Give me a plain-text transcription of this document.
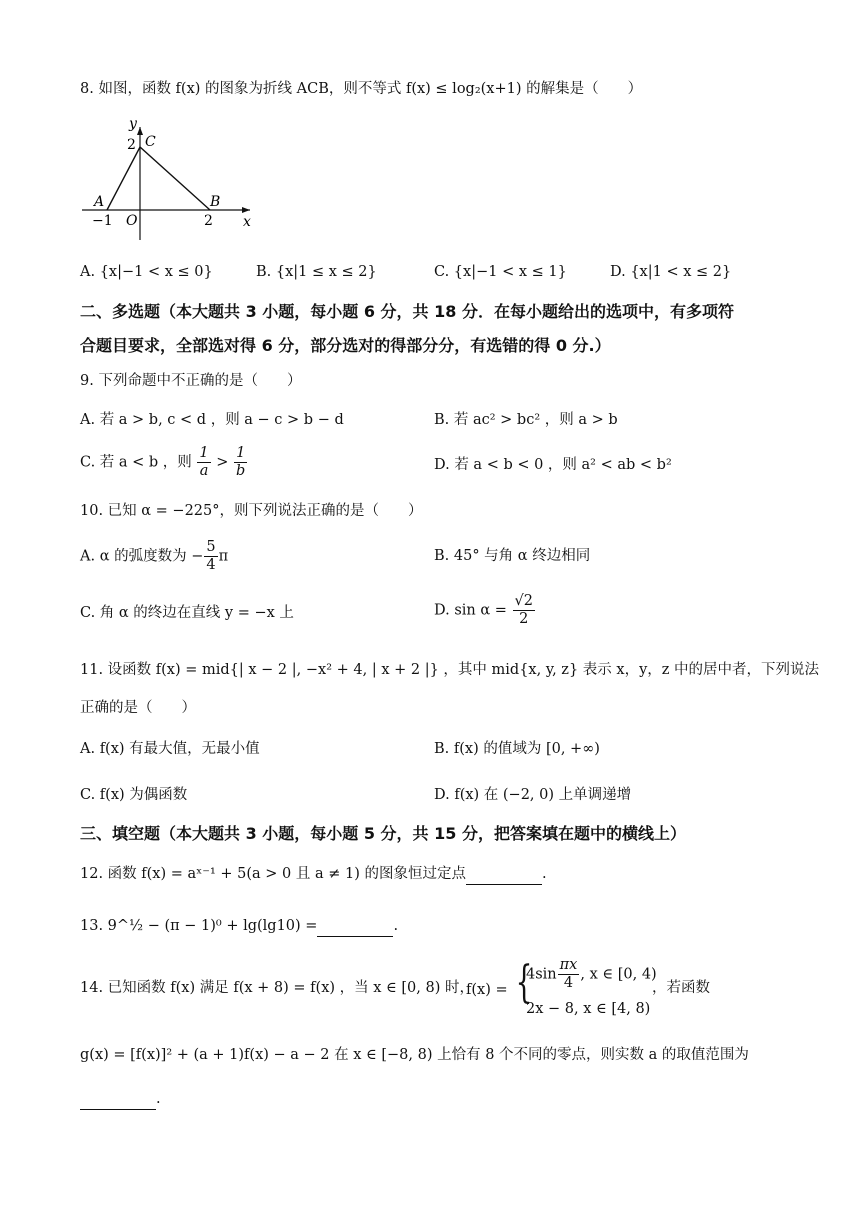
8. 如图，函数 f(x) 的图象为折线 ACB，则不等式 f(x) ≤ log₂(x+1) 的解集是（　　）
y
x
O
C
A	B
−1	2
2
A. {x|−1 < x ≤ 0}	B. {x|1 ≤ x ≤ 2}	C. {x|−1 < x ≤ 1}	D. {x|1 < x ≤ 2}
二、多选题（本大题共 3 小题，每小题 6 分，共 18 分．在每小题给出的选项中，有多项符
合题目要求，全部选对得 6 分，部分选对的得部分分，有选错的得 0 分.）
9. 下列命题中不正确的是（　　）
A. 若 a > b, c < d ，则 a − c > b − d	B. 若 ac² > bc² ，则 a > b
C. 若 a < b ，则 $\frac{1}{a} > \frac{1}{b}$	D. 若 a < b < 0 ，则 a² < ab < b²
10. 已知 α = −225°，则下列说法正确的是（　　）
A. α 的弧度数为 − $\frac{5}{4}$ π	B. 45° 与角 α 终边相同
C. 角 α 的终边在直线 y = −x 上	D. $\sin \alpha = \frac{√2}{2}$
11. 设函数 f(x) = mid{| x − 2 |, −x² + 4, | x + 2 |} ，其中 mid{x, y, z} 表示 x，y，z 中的居中者，下列说法
正确的是（　　）
A. f(x) 有最大值，无最小值	B. f(x) 的值域为 [0, +∞)
C. f(x) 为偶函数	D. f(x) 在 (−2, 0) 上单调递增
三、填空题（本大题共 3 小题，每小题 5 分，共 15 分，把答案填在题中的横线上）
12. 函数 f(x) = aˣ⁻¹ + 5(a > 0 且 a ≠ 1) 的图象恒过定点	.
13. 9^½ − (π − 1)⁰ + lg(lg10) =	.
14. 已知函数 f(x) 满足 f(x + 8) = f(x) ，当 x ∈ [0, 8) 时，
f(x) = {
$4\sin \frac{\pi x}{4}$ , x ∈ [0, 4)
2x − 8, x ∈ [4, 8)
，若函数
g(x) = [f(x)]² + (a + 1)f(x) − a − 2 在 x ∈ [−8, 8) 上恰有 8 个不同的零点，则实数 a 的取值范围为
.
